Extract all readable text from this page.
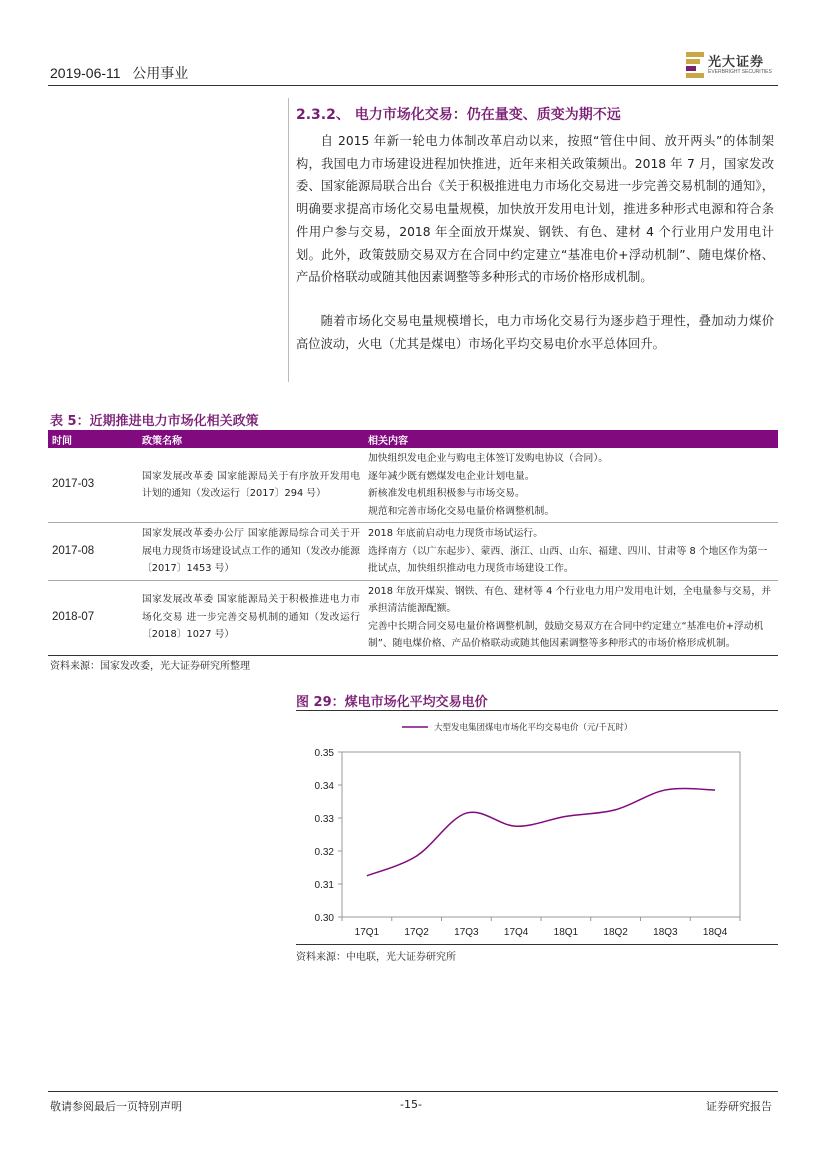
2019-06-11 公用事业
光大证券
EVERBRIGHT SECURITIES
2.3.2、 电力市场化交易：仍在量变、质变为期不远
自 2015 年新一轮电力体制改革启动以来，按照“管住中间、放开两头”的体制架构，我国电力市场建设进程加快推进，近年来相关政策频出。2018 年 7 月，国家发改委、国家能源局联合出台《关于积极推进电力市场化交易进一步完善交易机制的通知》，明确要求提高市场化交易电量规模，加快放开发用电计划，推进多种形式电源和符合条件用户参与交易，2018 年全面放开煤炭、钢铁、有色、建材 4 个行业用户发用电计划。此外，政策鼓励交易双方在合同中约定建立“基准电价+浮动机制”、随电煤价格、产品价格联动或随其他因素调整等多种形式的市场价格形成机制。
随着市场化交易电量规模增长，电力市场化交易行为逐步趋于理性，叠加动力煤价高位波动，火电（尤其是煤电）市场化平均交易电价水平总体回升。
表 5：近期推进电力市场化相关政策
时间	政策名称	相关内容
2017-03	国家发展改革委 国家能源局关于有序放开发用电计划的通知（发改运行〔2017〕294 号）	加快组织发电企业与购电主体签订发购电协议（合同）。
逐年减少既有燃煤发电企业计划电量。
新核准发电机组积极参与市场交易。
规范和完善市场化交易电量价格调整机制。

2017-08	国家发展改革委办公厅 国家能源局综合司关于开展电力现货市场建设试点工作的通知（发改办能源〔2017〕1453 号）	2018 年底前启动电力现货市场试运行。
选择南方（以广东起步）、蒙西、浙江、山西、山东、福建、四川、甘肃等 8 个地区作为第一批试点，加快组织推动电力现货市场建设工作。

2018-07	国家发展改革委 国家能源局关于积极推进电力市场化交易 进一步完善交易机制的通知（发改运行〔2018〕1027 号）	2018 年放开煤炭、钢铁、有色、建材等 4 个行业电力用户发用电计划，全电量参与交易，并承担清洁能源配额。
完善中长期合同交易电量价格调整机制，鼓励交易双方在合同中约定建立“基准电价+浮动机制”、随电煤价格、产品价格联动或随其他因素调整等多种形式的市场价格形成机制。
资料来源：国家发改委，光大证券研究所整理
图 29：煤电市场化平均交易电价
0.35
0.34
0.33
0.32
0.31
0.30
17Q1	17Q2	17Q3	17Q4	18Q1	18Q2	18Q3	18Q4
大型发电集团煤电市场化平均交易电价（元/千瓦时）
资料来源：中电联，光大证券研究所
敬请参阅最后一页特别声明	-15-	证券研究报告
